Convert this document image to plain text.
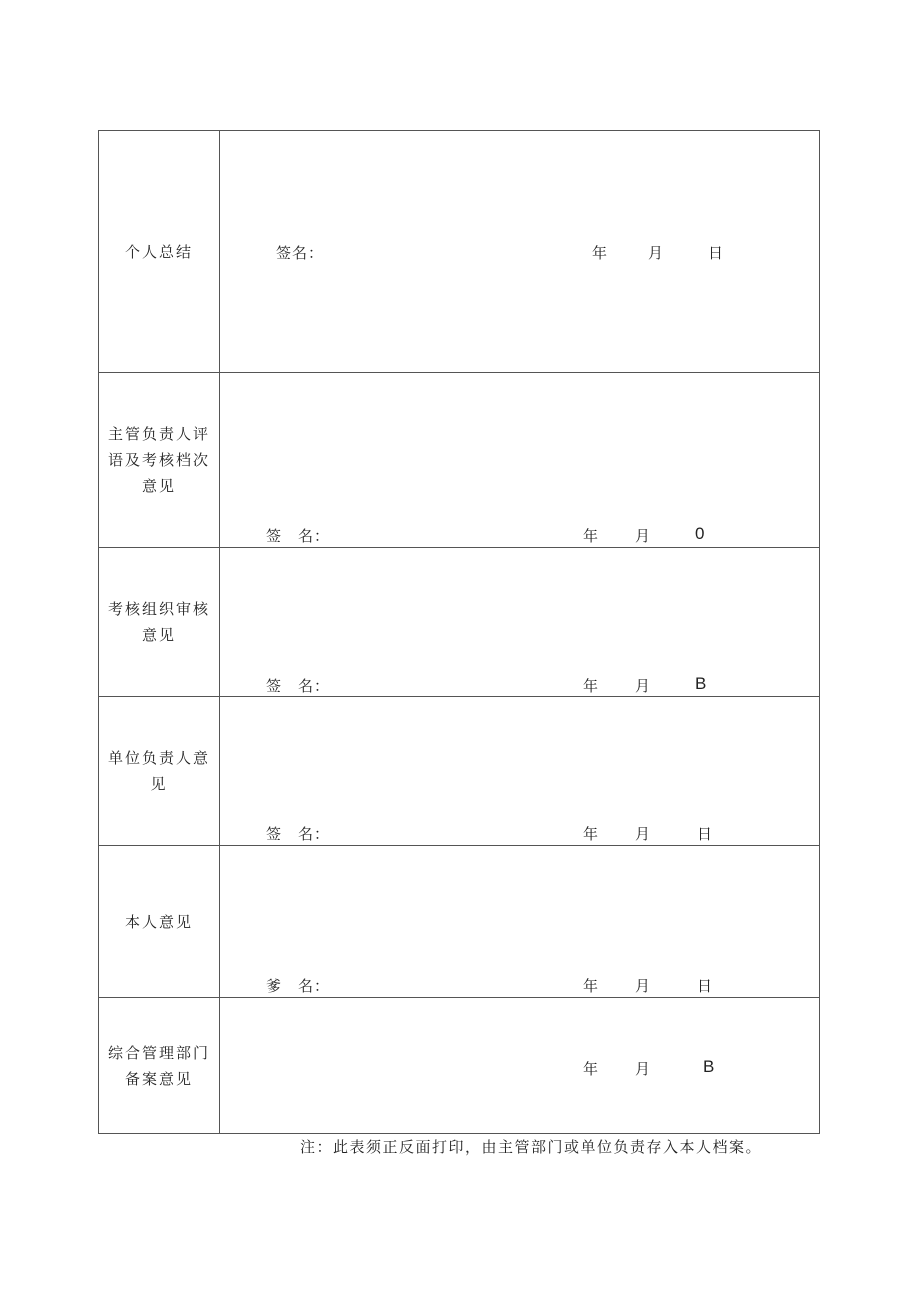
个人总结	签名：	年	月	日
主管负责人评
语及考核档次
意见
签　名：	年 月	0
考核组织审核
意见
签　名：	年 月	B
单位负责人意
见
签　名：	年 月	日
本人意见
爹　名：	年 月	日
综合管理部门
备案意见
年 月	B
注：此表须正反面打印，由主管部门或单位负责存入本人档案。
